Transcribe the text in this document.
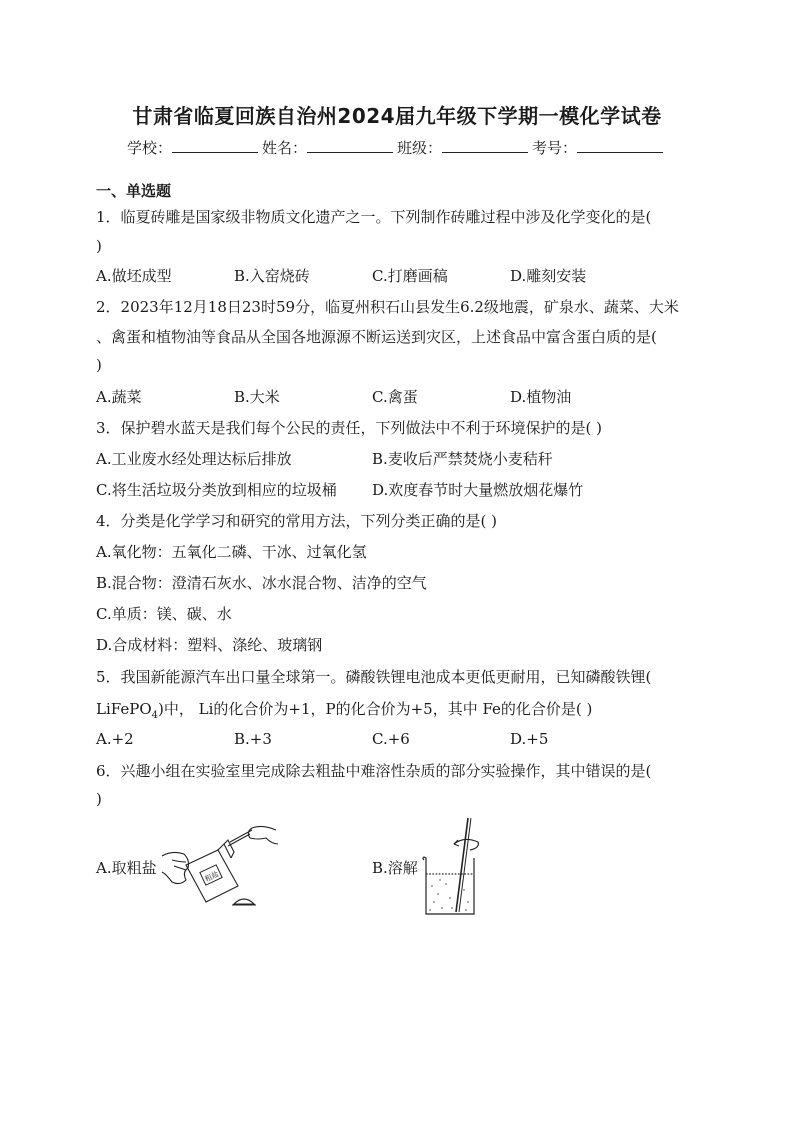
甘肃省临夏回族自治州2024届九年级下学期一模化学试卷
学校：	姓名：	班级：	考号：
一、单选题
1．临夏砖雕是国家级非物质文化遗产之一。下列制作砖雕过程中涉及化学变化的是(
)
A.做坯成型	B.入窑烧砖	C.打磨画稿	D.雕刻安装
2．2023年12月18日23时59分，临夏州积石山县发生6.2级地震，矿泉水、蔬菜、大米
、禽蛋和植物油等食品从全国各地源源不断运送到灾区，上述食品中富含蛋白质的是(
)
A.蔬菜	B.大米	C.禽蛋	D.植物油
3．保护碧水蓝天是我们每个公民的责任，下列做法中不利于环境保护的是( )
A.工业废水经处理达标后排放	B.麦收后严禁焚烧小麦秸秆
C.将生活垃圾分类放到相应的垃圾桶 D.欢度春节时大量燃放烟花爆竹
4．分类是化学学习和研究的常用方法，下列分类正确的是( )
A.氧化物：五氧化二磷、干冰、过氧化氢
B.混合物：澄清石灰水、冰水混合物、洁净的空气
C.单质：镁、碳、水
D.合成材料：塑料、涤纶、玻璃钢
5．我国新能源汽车出口量全球第一。磷酸铁锂电池成本更低更耐用，已知磷酸铁锂(
LiFePO$_4$)中， Li的化合价为+1，P的化合价为+5，其中 Fe的化合价是( )
A.+2	B.+3	C.+6	D.+5
6．兴趣小组在实验室里完成除去粗盐中难溶性杂质的部分实验操作，其中错误的是(
)
A.取粗盐	粗盐	B.溶解
